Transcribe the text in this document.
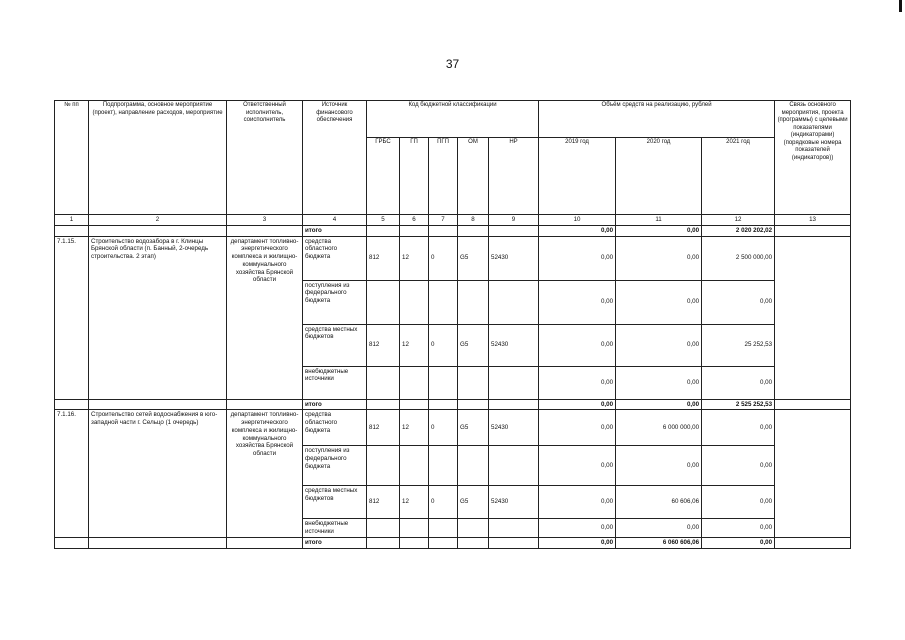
37
№ пп	Подпрограмма, основное мероприятие (проект), направление расходов, мероприятие	Ответственный исполнитель, соисполнитель	Источник финансового обеспечения	Код бюджетной классификации					Объём средств на реализацию, рублей			Связь основного мероприятия, проекта (программы) с целевыми показателями (индикаторами) (порядковые номера показателей (индикаторов))
				ГРБС	ГП	ПГП	ОМ	НР	2019 год	2020 год	2021 год	
1	2	3	4	5	6	7	8	9	10	11	12	13
			итого						0,00	0,00	2 020 202,02	
7.1.15.	Строительство водозабора в г. Клинцы Брянской области (п. Банный, 2-очередь строительства. 2 этап)	департамент топливно-энергетического комплекса и жилищно-коммунального хозяйства Брянской области	средства областного бюджета	812	12	0	G5	52430	0,00	0,00	2 500 000,00	
			поступления из федерального бюджета						0,00	0,00	0,00	
			средства местных бюджетов	812	12	0	G5	52430	0,00	0,00	25 252,53	
			внебюджетные источники						0,00	0,00	0,00	
			итого						0,00	0,00	2 525 252,53	
7.1.16.	Строительство сетей водоснабжения в юго-западной части г. Сельцо (1 очередь)	департамент топливно-энергетического комплекса и жилищно-коммунального хозяйства Брянской области	средства областного бюджета	812	12	0	G5	52430	0,00	6 000 000,00	0,00	
			поступления из федерального бюджета						0,00	0,00	0,00	
			средства местных бюджетов	812	12	0	G5	52430	0,00	60 606,06	0,00	
			внебюджетные источники						0,00	0,00	0,00	
			итого						0,00	6 060 606,06	0,00	
